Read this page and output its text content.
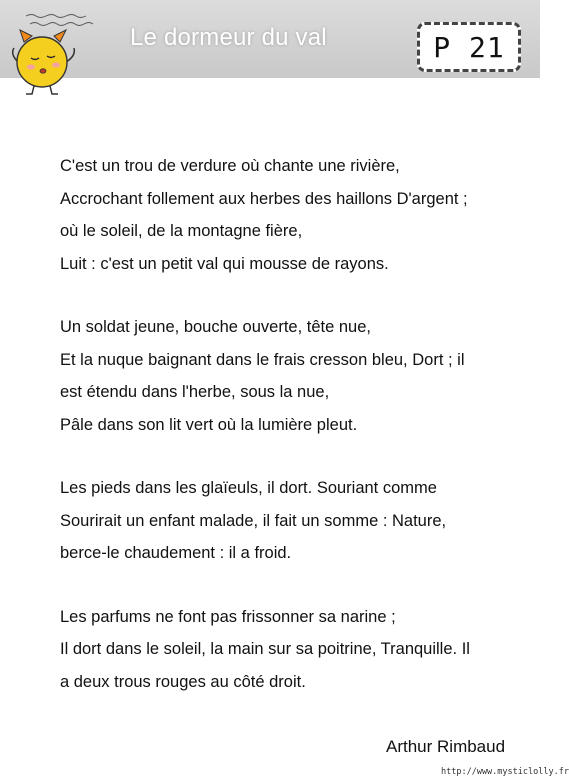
Le dormeur du val	P 21
C'est un trou de verdure où chante une rivière,
Accrochant follement aux herbes des haillons D'argent ;
où le soleil, de la montagne fière,
Luit : c'est un petit val qui mousse de rayons.
Un soldat jeune, bouche ouverte, tête nue,
Et la nuque baignant dans le frais cresson bleu, Dort ; il
est étendu dans l'herbe, sous la nue,
Pâle dans son lit vert où la lumière pleut.
Les pieds dans les glaïeuls, il dort. Souriant comme
Sourirait un enfant malade, il fait un somme : Nature,
berce-le chaudement : il a froid.
Les parfums ne font pas frissonner sa narine ;
Il dort dans le soleil, la main sur sa poitrine, Tranquille. Il
a deux trous rouges au côté droit.
Arthur Rimbaud
http://www.mysticlolly.fr
